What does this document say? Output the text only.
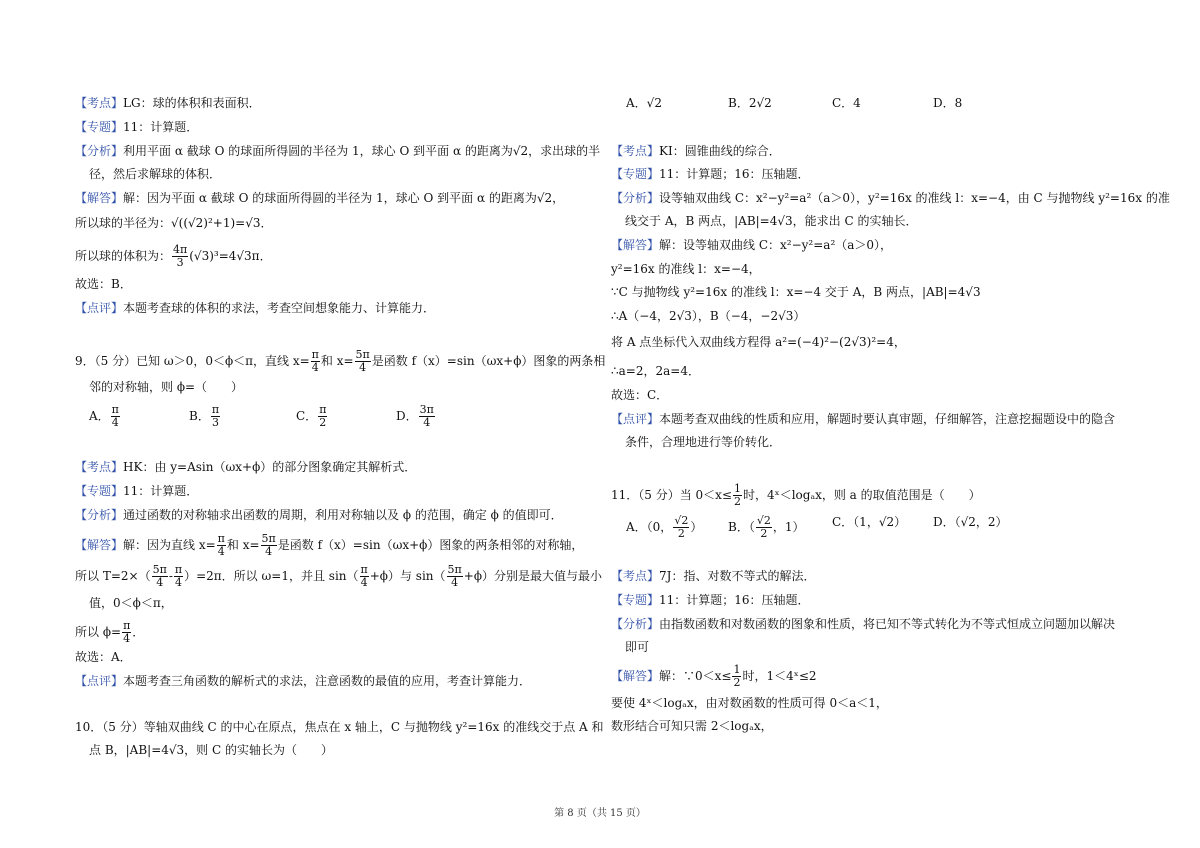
【考点】LG：球的体积和表面积．
【专题】11：计算题．
【分析】利用平面 α 截球 O 的球面所得圆的半径为 1，球心 O 到平面 α 的距离为√2，求出球的半
径，然后求解球的体积．
【解答】解：因为平面 α 截球 O 的球面所得圆的半径为 1，球心 O 到平面 α 的距离为√2，
所以球的半径为：√((√2)²+1)=√3．
所以球的体积为： $\frac{4\pi}{3} (√3)^3=4√3\pi$．
故选：B．
【点评】本题考查球的体积的求法，考查空间想象能力、计算能力．
9．（5 分）已知 ω＞0，0＜ϕ＜π，直线 $x= \frac{\pi}{4}$ 和 $x= \frac{5\pi}{4}$ 是函数 f（x）=sin（ωx+ϕ）图象的两条相
邻的对称轴，则 ϕ=（　　）
A． $\frac{\pi}{4}$	B． $\frac{\pi}{3}$	C． $\frac{\pi}{2}$	D． $\frac{3\pi}{4}$
【考点】HK：由 y=Asin（ωx+ϕ）的部分图象确定其解析式．
【专题】11：计算题．
【分析】通过函数的对称轴求出函数的周期，利用对称轴以及 ϕ 的范围，确定 ϕ 的值即可．
【解答】解：因为直线 $x= \frac{\pi}{4}$ 和 $x= \frac{5\pi}{4}$ 是函数 f（x）=sin（ωx+ϕ）图象的两条相邻的对称轴，
所以 $T=2\times( \frac{5\pi}{4} - \frac{\pi}{4} )=2\pi$．所以 ω=1，并且 $\sin( \frac{\pi}{4} +\phi)$与 $\sin( \frac{5\pi}{4} +\phi)$分别是最大值与最小
值，0＜ϕ＜π，
所以 $\phi= \frac{\pi}{4}$ ．
故选：A．
【点评】本题考查三角函数的解析式的求法，注意函数的最值的应用，考查计算能力．
10．（5 分）等轴双曲线 C 的中心在原点，焦点在 x 轴上，C 与抛物线 y²=16x 的准线交于点 A 和
点 B，|AB|=4√3，则 C 的实轴长为（　　）
A．√2	B．2√2	C．4	D．8
【考点】KI：圆锥曲线的综合．
【专题】11：计算题；16：压轴题．
【分析】设等轴双曲线 C：x²−y²=a²（a＞0），y²=16x 的准线 l：x=−4，由 C 与抛物线 y²=16x 的准
线交于 A，B 两点，|AB|=4√3，能求出 C 的实轴长．
【解答】解：设等轴双曲线 C：x²−y²=a²（a＞0），
y²=16x 的准线 l：x=−4，
∵C 与抛物线 y²=16x 的准线 l：x=−4 交于 A，B 两点，|AB|=4√3
∴A（−4，2√3），B（−4，−2√3）
将 A 点坐标代入双曲线方程得 a²=(−4)²−(2√3)²=4，
∴a=2，2a=4．
故选：C．
【点评】本题考查双曲线的性质和应用，解题时要认真审题，仔细解答，注意挖掘题设中的隐含
条件，合理地进行等价转化．
11．（5 分）当 $0<x\le \frac{1}{2}$ 时，4ˣ＜logₐx，则 a 的取值范围是（　　）
A．（0， $\frac{√2}{2}$ ） B．（ $\frac{√2}{2}$ ，1） C．（1，√2） D．（√2，2）
【考点】7J：指、对数不等式的解法．
【专题】11：计算题；16：压轴题．
【分析】由指数函数和对数函数的图象和性质，将已知不等式转化为不等式恒成立问题加以解决
即可
【解答】解：∵0＜x≤ $\frac{1}{2}$ 时，1＜4ˣ≤2
要使 4ˣ＜logₐx，由对数函数的性质可得 0＜a＜1，
数形结合可知只需 2＜logₐx，
第 8 页（共 15 页）
